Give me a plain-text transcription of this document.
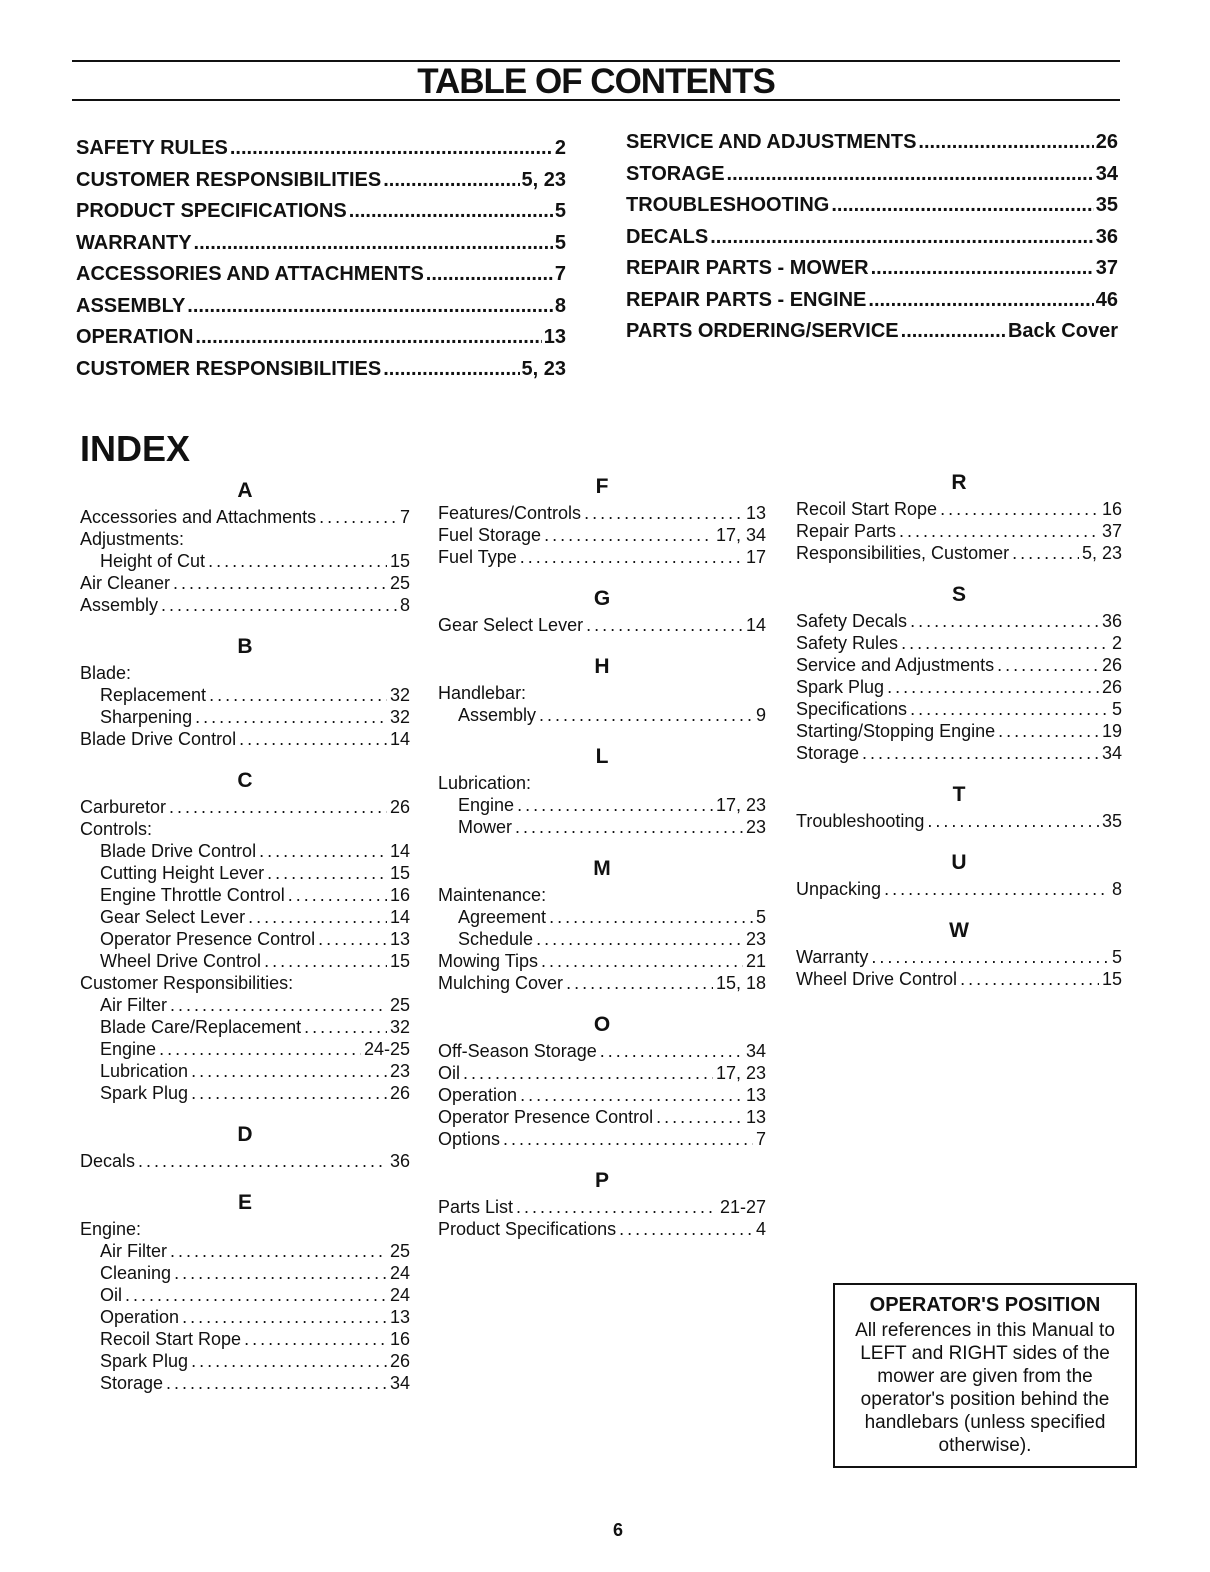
TABLE OF CONTENTS
SAFETY RULES .....	2
CUSTOMER RESPONSIBILITIES .....	5, 23
PRODUCT SPECIFICATIONS .....	5
WARRANTY .....	5
ACCESSORIES AND ATTACHMENTS .....	7
ASSEMBLY .....	8
OPERATION .....	13
CUSTOMER RESPONSIBILITIES .....	5, 23
SERVICE AND ADJUSTMENTS .....	26
STORAGE .....	34
TROUBLESHOOTING .....	35
DECALS .....	36
REPAIR PARTS - MOWER .....	37
REPAIR PARTS - ENGINE .....	46
PARTS ORDERING/SERVICE .....	Back Cover
INDEX
A
Accessories and Attachments .....	7
Adjustments:
Height of Cut .....	15
Air Cleaner .....	25
Assembly .....	8
B
Blade:
Replacement .....	32
Sharpening .....	32
Blade Drive Control .....	14
C
Carburetor .....	26
Controls:
Blade Drive Control .....	14
Cutting Height Lever .....	15
Engine Throttle Control .....	16
Gear Select Lever .....	14
Operator Presence Control .....	13
Wheel Drive Control .....	15
Customer Responsibilities:
Air Filter .....	25
Blade Care/Replacement .....	32
Engine .....	24-25
Lubrication .....	23
Spark Plug .....	26
D
Decals .....	36
E
Engine:
Air Filter .....	25
Cleaning .....	24
Oil .....	24
Operation .....	13
Recoil Start Rope .....	16
Spark Plug .....	26
Storage .....	34
F
Features/Controls .....	13
Fuel Storage .....	17, 34
Fuel Type .....	17
G
Gear Select Lever .....	14
H
Handlebar:
Assembly .....	9
L
Lubrication:
Engine .....	17, 23
Mower .....	23
M
Maintenance:
Agreement .....	5
Schedule .....	23
Mowing Tips .....	21
Mulching Cover .....	15, 18
O
Off-Season Storage .....	34
Oil .....	17, 23
Operation .....	13
Operator Presence Control .....	13
Options .....	7
P
Parts List .....	21-27
Product Specifications .....	4
R
Recoil Start Rope .....	16
Repair Parts .....	37
Responsibilities, Customer .....	5, 23
S
Safety Decals .....	36
Safety Rules .....	2
Service and Adjustments .....	26
Spark Plug .....	26
Specifications .....	5
Starting/Stopping Engine .....	19
Storage .....	34
T
Troubleshooting .....	35
U
Unpacking .....	8
W
Warranty .....	5
Wheel Drive Control .....	15
OPERATOR'S POSITION
All references in this Manual to LEFT and RIGHT sides of the mower are given from the operator's position behind the handlebars (unless specified otherwise).
6
